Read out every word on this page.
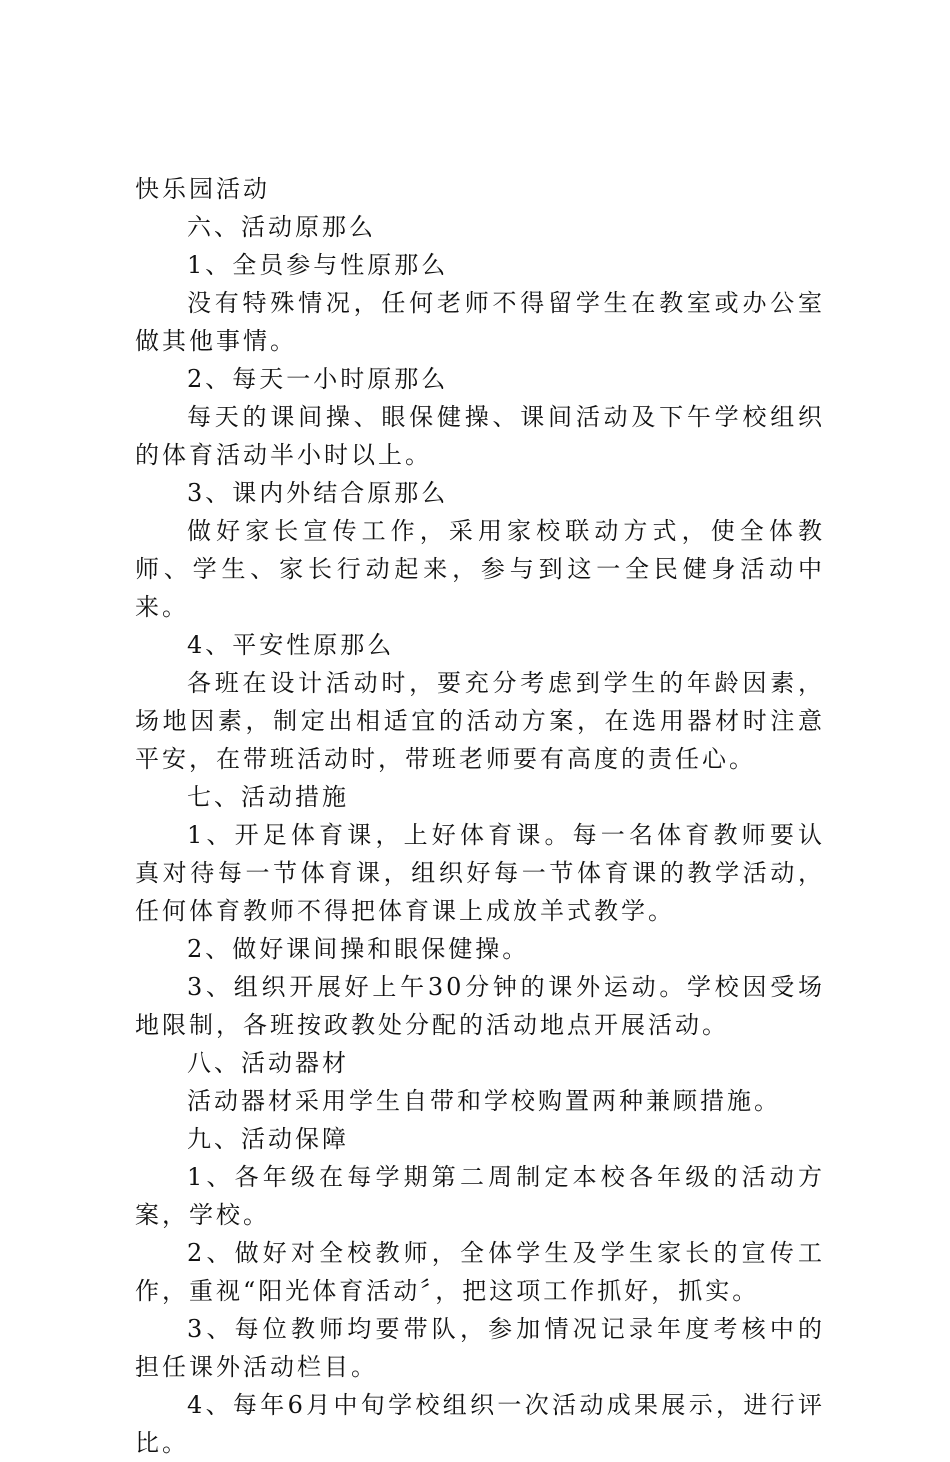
快乐园活动

六、活动原那么

1、全员参与性原那么

没有特殊情况，任何老师不得留学生在教室或办公室做其他事情。

2、每天一小时原那么

每天的课间操、眼保健操、课间活动及下午学校组织的体育活动半小时以上。

3、课内外结合原那么

做好家长宣传工作，采用家校联动方式，使全体教师、学生、家长行动起来，参与到这一全民健身活动中来。

4、平安性原那么

各班在设计活动时，要充分考虑到学生的年龄因素，场地因素，制定出相适宜的活动方案，在选用器材时注意平安，在带班活动时，带班老师要有高度的责任心。

七、活动措施

1、开足体育课，上好体育课。每一名体育教师要认真对待每一节体育课，组织好每一节体育课的教学活动，任何体育教师不得把体育课上成放羊式教学。

2、做好课间操和眼保健操。

3、组织开展好上午30分钟的课外运动。学校因受场地限制，各班按政教处分配的活动地点开展活动。

八、活动器材

活动器材采用学生自带和学校购置两种兼顾措施。

九、活动保障

1、各年级在每学期第二周制定本校各年级的活动方案，学校。

2、做好对全校教师，全体学生及学生家长的宣传工作，重视“阳光体育活动〞，把这项工作抓好，抓实。

3、每位教师均要带队，参加情况记录年度考核中的担任课外活动栏目。

4、每年6月中旬学校组织一次活动成果展示，进行评比。
